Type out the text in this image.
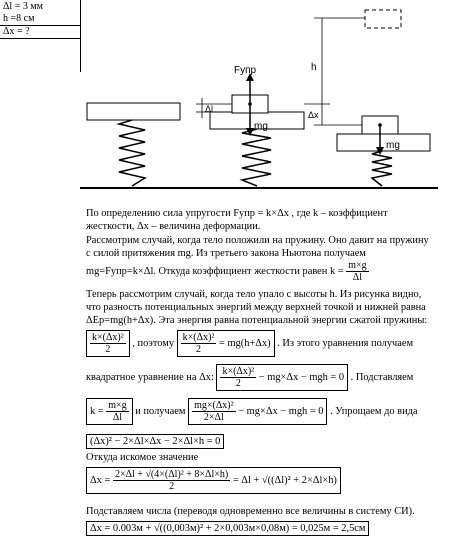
Δl = 3 мм
h =8 см
Δx = ?
Fупр
mg
Δl
mg
h
Δx
По определению сила упругости Fупр = k×Δx , где k – коэффициент
жесткости, Δx – величина деформации.
Рассмотрим случай, когда тело положили на пружину. Оно давит на пружину
с силой притяжения mg. Из третьего закона Ньютона получаем
mg=Fупр=k×Δl. Откуда коэффициент жесткости равен $k = \frac{m\times g}{\Delta l}$
Теперь рассмотрим случай, когда тело упало с высоты h. Из рисунка видно,
что разность потенциальных энергий между верхней точкой и нижней равна
ΔEp=mg(h+Δx). Эта энергия равна потенциальной энергии сжатой пружины:
$\frac{\text{k×(Δx)²}}{2}$ , поэтому $\frac{\text{k×(Δx)²}}{2} = mg(h+\Delta x)$ . Из этого уравнения получаем
квадратное уравнение на Δx: $\frac{\text{k×(Δx)²}}{2} - mg\times\Delta x$ − mgh = 0 . Подставляем
$k = \frac{m\times g}{\Delta l}$ и получаем $\frac{\text{mg×(Δx)²}}{2\times\Delta l} - mg\times\Delta x$ − mgh = 0 . Упрощаем до вида
(Δx)² − 2×Δl×Δx − 2×Δl×h = 0
Откуда искомое значение
$\Delta x = \frac{\text{2×Δl + √(4×(Δl)² + 8×Δl×h)}}{2} = \Delta l + √((\Delta l)^2 + 2\times\Delta l\times h)$
Подставляем числа (переводя одновременно все величины в систему СИ).
Δx = 0.003м + √((0,003м)² + 2×0,003м×0,08м) = 0,025м = 2,5см
